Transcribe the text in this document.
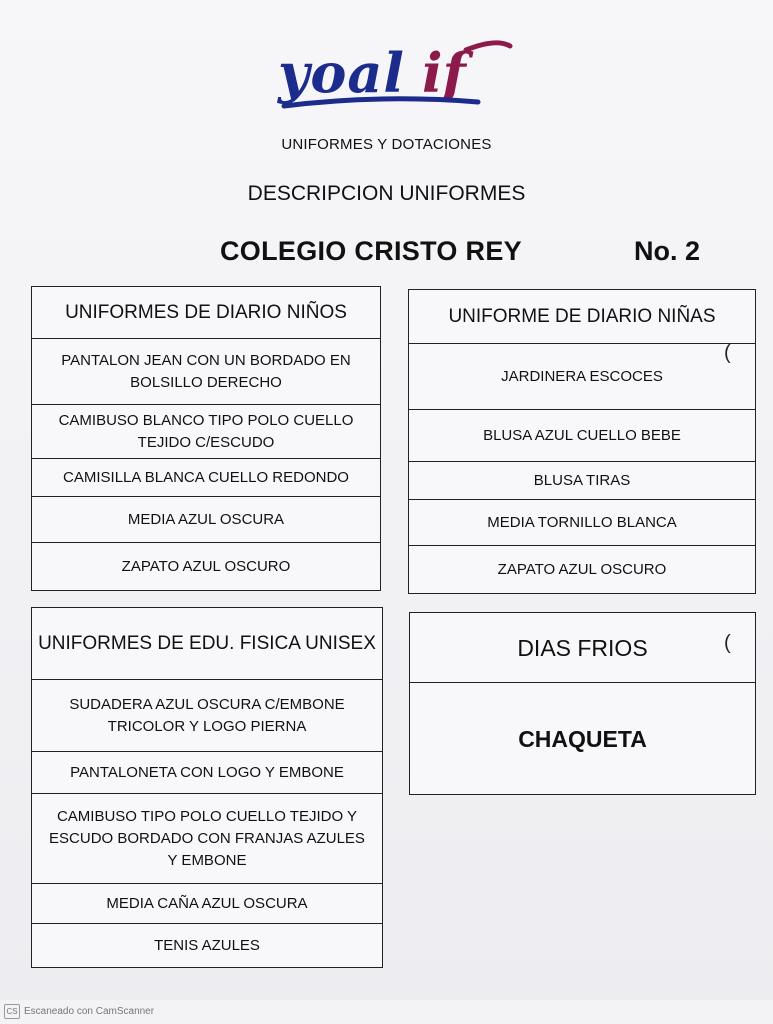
yoal if
UNIFORMES Y DOTACIONES
DESCRIPCION UNIFORMES
COLEGIO CRISTO REY	No. 2
UNIFORMES DE DIARIO NIÑOS
PANTALON JEAN CON UN BORDADO EN BOLSILLO DERECHO
CAMIBUSO BLANCO TIPO POLO CUELLO TEJIDO C/ESCUDO
CAMISILLA BLANCA CUELLO REDONDO
MEDIA AZUL OSCURA
ZAPATO AZUL OSCURO
UNIFORME DE DIARIO NIÑAS
JARDINERA ESCOCES
BLUSA AZUL CUELLO BEBE
BLUSA TIRAS
MEDIA TORNILLO BLANCA
ZAPATO AZUL OSCURO
(
UNIFORMES DE EDU. FISICA UNISEX
SUDADERA AZUL OSCURA C/EMBONE TRICOLOR Y LOGO PIERNA
PANTALONETA CON LOGO Y EMBONE
CAMIBUSO TIPO POLO CUELLO TEJIDO Y ESCUDO BORDADO CON FRANJAS AZULES Y EMBONE
MEDIA CAÑA AZUL OSCURA
TENIS AZULES
DIAS FRIOS
CHAQUETA
(
CS Escaneado con CamScanner
